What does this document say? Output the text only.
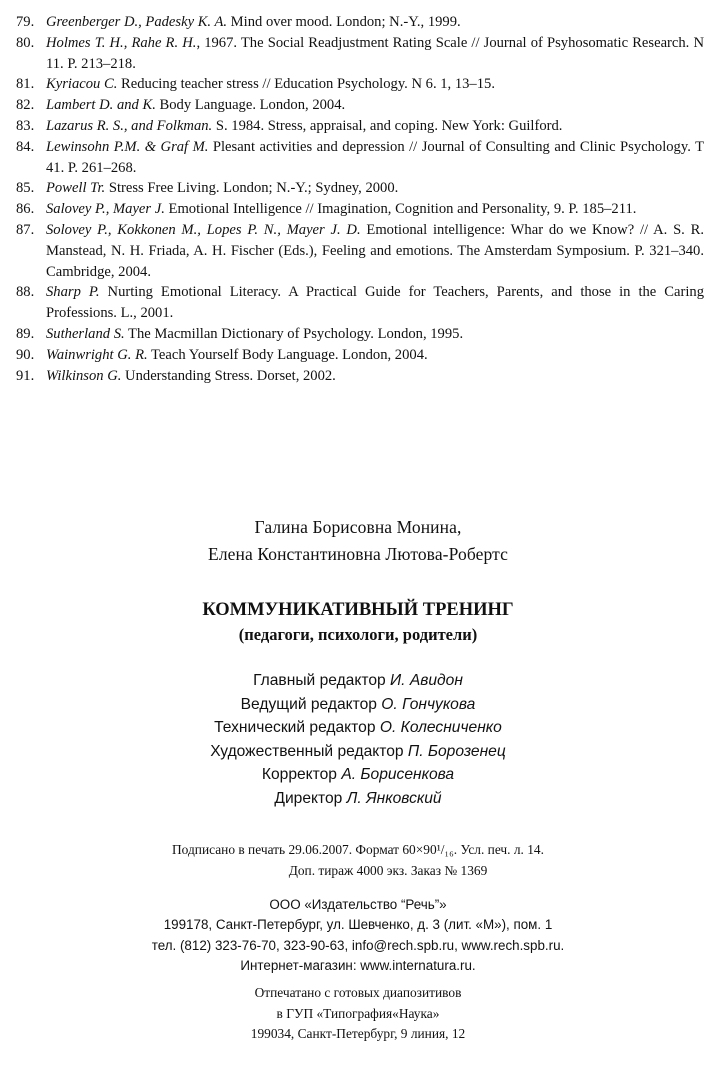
79. Greenberger D., Padesky K. A. Mind over mood. London; N.-Y., 1999.
80. Holmes T. H., Rahe R. H., 1967. The Social Readjustment Rating Scale // Journal of Psyhosomatic Research. N 11. P. 213–218.
81. Kyriacou C. Reducing teacher stress // Education Psychology. N 6. 1, 13–15.
82. Lambert D. and K. Body Language. London, 2004.
83. Lazarus R. S., and Folkman. S. 1984. Stress, appraisal, and coping. New York: Guilford.
84. Lewinsohn P.M. & Graf M. Plesant activities and depression // Journal of Consulting and Clinic Psychology. T 41. P. 261–268.
85. Powell Tr. Stress Free Living. London; N.-Y.; Sydney, 2000.
86. Salovey P., Mayer J. Emotional Intelligence // Imagination, Cognition and Personality, 9. P. 185–211.
87. Solovey P., Kokkonen M., Lopes P. N., Mayer J. D. Emotional intelligence: Whar do we Know? // A. S. R. Manstead, N. H. Friada, A. H. Fischer (Eds.), Feeling and emotions. The Amsterdam Symposium. P. 321–340. Cambridge, 2004.
88. Sharp P. Nurting Emotional Literacy. A Practical Guide for Teachers, Parents, and those in the Caring Professions. L., 2001.
89. Sutherland S. The Macmillan Dictionary of Psychology. London, 1995.
90. Wainwright G. R. Teach Yourself Body Language. London, 2004.
91. Wilkinson G. Understanding Stress. Dorset, 2002.
Галина Борисовна Монина,
Елена Константиновна Лютова-Робертс
КОММУНИКАТИВНЫЙ ТРЕНИНГ
(педагоги, психологи, родители)
Главный редактор И. Авидон
Ведущий редактор О. Гончукова
Технический редактор О. Колесниченко
Художественный редактор П. Борозенец
Корректор А. Борисенкова
Директор Л. Янковский
Подписано в печать 29.06.2007. Формат 60×90¹/₁₆. Усл. печ. л. 14.
Доп. тираж 4000 экз. Заказ № 1369
ООО «Издательство “Речь”»
199178, Санкт-Петербург, ул. Шевченко, д. 3 (лит. «М»), пом. 1
тел. (812) 323-76-70, 323-90-63, info@rech.spb.ru, www.rech.spb.ru.
Интернет-магазин: www.internatura.ru.
Отпечатано с готовых диапозитивов
в ГУП «Типография«Наука»
199034, Санкт-Петербург, 9 линия, 12
